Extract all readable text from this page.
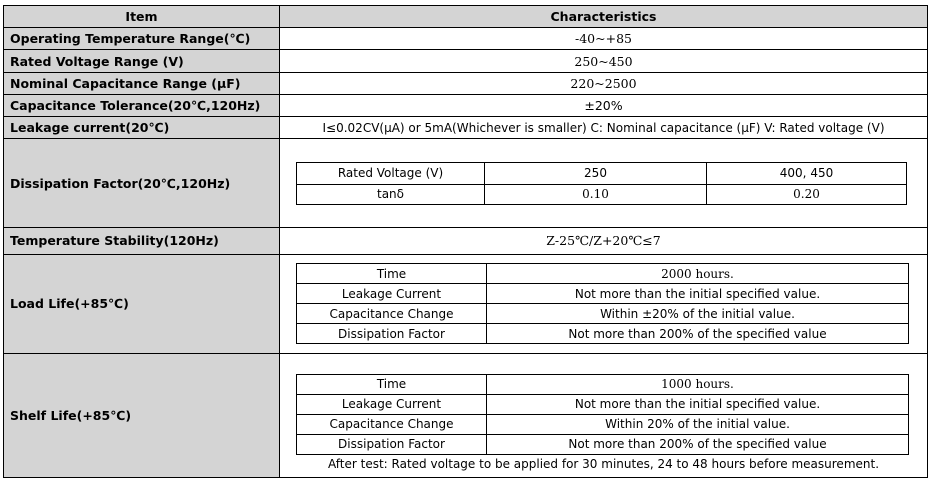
Item	Characteristics
Operating Temperature Range(℃)	-40~+85
Rated Voltage Range (V)	250~450
Nominal Capacitance Range (μF)	220~2500
Capacitance Tolerance(20℃,120Hz)	±20%
Leakage current(20℃)	I≤0.02CV(μA) or 5mA(Whichever is smaller) C: Nominal capacitance (μF) V: Rated voltage (V)
Dissipation Factor(20℃,120Hz)	
Rated Voltage (V)	250	400, 450
tanδ	0.10	0.20

Temperature Stability(120Hz)	Z-25℃/Z+20℃≤7
Load Life(+85℃)	
Time	2000 hours.
Leakage Current	Not more than the initial specified value.
Capacitance Change	Within ±20% of the initial value.
Dissipation Factor	Not more than 200% of the specified value

Shelf Life(+85℃)	
Time	1000 hours.
Leakage Current	Not more than the initial specified value.
Capacitance Change	Within 20% of the initial value.
Dissipation Factor	Not more than 200% of the specified value
After test: Rated voltage to be applied for 30 minutes, 24 to 48 hours before measurement.
